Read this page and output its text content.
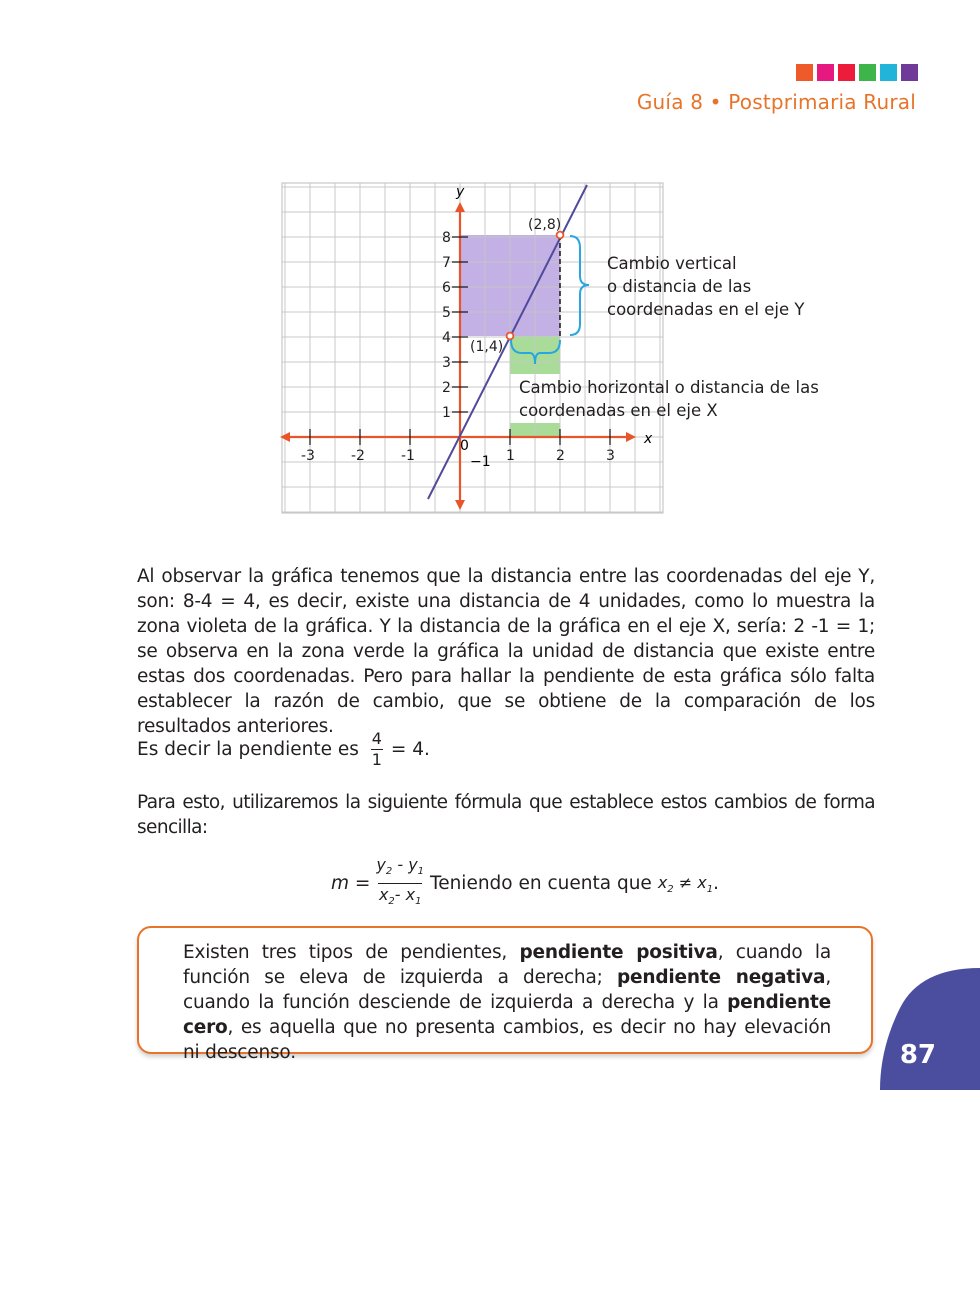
Guía 8 • Postprimaria Rural
8
7
6
5
4
3
2
1
-3	-2	-1	1	2	3
y
x
0
−1
(2,8)
(1,4)
Cambio vertical o distancia de las coordenadas en el eje Y
Cambio horizontal o distancia de las coordenadas en el eje X
Al observar la gráfica tenemos que la distancia entre las coordenadas del eje Y, son: 8-4 = 4, es decir, existe una distancia de 4 unidades, como lo muestra la zona violeta de la gráfica. Y la distancia de la gráfica en el eje X, sería: 2 -1 = 1; se observa en la zona verde la gráfica la unidad de distancia que existe entre estas dos coordenadas. Pero para hallar la pendiente de esta gráfica sólo falta establecer la razón de cambio, que se obtiene de la comparación de los resultados anteriores.
Es decir la pendiente es $\frac{4}{1} = 4$.
Para esto, utilizaremos la siguiente fórmula que establece estos cambios de forma sencilla:
m =
$y_2 - y_1$
$x_2-$ $x_1$
Teniendo en cuenta que $x_2 \ne x_1$ .
Existen tres tipos de pendientes, pendiente positiva, cuando la función se eleva de izquierda a derecha; pendiente negativa, cuando la función desciende de izquierda a derecha y la pendiente cero, es aquella que no presenta cambios, es decir no hay elevación ni descenso.	87
